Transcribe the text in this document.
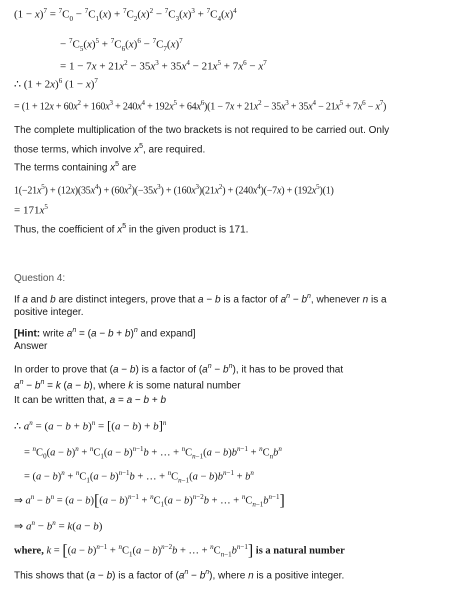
$(1 - x)^7 = ^7C_0 - ^7C_1(x) + ^7C_2(x)^2 - ^7C_3(x)^3 + ^7C_4(x)^4$
− $^7C_5(x)^5 + ^7C_6(x)^6 - ^7C_7(x)^7$
= $1 - 7x + 21x^2 - 35x^3 + 35x^4 - 21x^5 + 7x^6 - x^7$
∴ $(1 + 2x)^6$ $(1 - x)^7$
= $(1 + 12x + 60x^2 + 160x^3 + 240x^4 + 192x^5 + 64x^6)(1 - 7x + 21x^2 - 35x^3 + 35x^4 - 21x^5 + 7x^6 - x^7)$
The complete multiplication of the two brackets is not required to be carried out. Only
those terms, which involve $x^5$, are required.
The terms containing $x^5$ are
$1(-21x^5) + (12x)(35x^4) + (60x^2)(-35x^3) + (160x^3)(21x^2) + (240x^4)(-7x) + (192x^5)(1)$
= $171x^5$
Thus, the coefficient of $x^5$ in the given product is 171.
Question 4:
If a and b are distinct integers, prove that a − b is a factor of $a^n - b^n$, whenever n is a
positive integer.
[Hint: write $a^n = (a - b + b)^n$ and expand]
Answer
In order to prove that (a − b) is a factor of $(a^n - b^n)$, it has to be proved that
$a^n - b^n = k$ (a − b), where k is some natural number
It can be written that, a = a − b + b
∴ $a^n = (a - b + b)^n = [(a - b) + b]^n$
= $^nC_0(a - b)^n + ^nC_1(a - b)^{n-1}b$ + … + $^nC_{n-1}(a - b)b^{n-1} + ^nC_nb^n$
= $(a - b)^n + ^nC_1(a - b)^{n-1}b$ + … + $^nC_{n-1}(a - b)b^{n-1} + b^n$
⇒ $a^n - b^n = (a - b)[(a - b)^{n-1} + ^nC_1(a - b)^{n-2}b$ + … + $^nC_{n-1}b^{n-1}$]
⇒ $a^n - b^n = k(a - b)$
where, $k = [(a - b)^{n-1} + ^nC_1(a - b)^{n-2}b$ + … + $^nC_{n-1}b^{n-1}$] is a natural number
This shows that (a − b) is a factor of $(a^n - b^n)$, where n is a positive integer.
